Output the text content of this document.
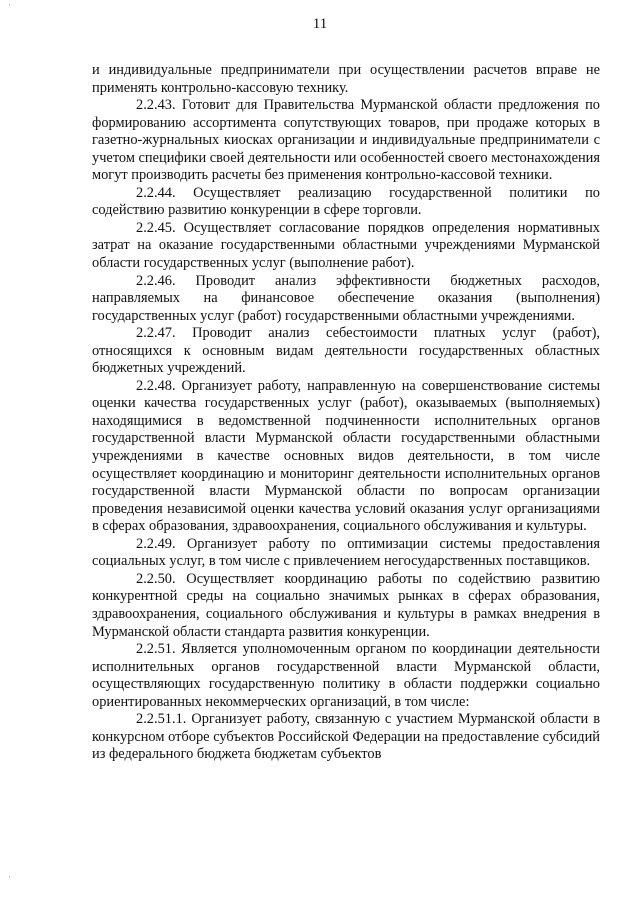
11

и индивидуальные предприниматели при осуществлении расчетов вправе не применять контрольно-кассовую технику.

2.2.43. Готовит для Правительства Мурманской области предложения по формированию ассортимента сопутствующих товаров, при продаже которых в газетно-журнальных киосках организации и индивидуальные предприниматели с учетом специфики своей деятельности или особенностей своего местонахождения могут производить расчеты без применения контрольно-кассовой техники.

2.2.44. Осуществляет реализацию государственной политики по содействию развитию конкуренции в сфере торговли.

2.2.45. Осуществляет согласование порядков определения нормативных затрат на оказание государственными областными учреждениями Мурманской области государственных услуг (выполнение работ).

2.2.46. Проводит анализ эффективности бюджетных расходов, направляемых на финансовое обеспечение оказания (выполнения) государственных услуг (работ) государственными областными учреждениями.

2.2.47. Проводит анализ себестоимости платных услуг (работ), относящихся к основным видам деятельности государственных областных бюджетных учреждений.

2.2.48. Организует работу, направленную на совершенствование системы оценки качества государственных услуг (работ), оказываемых (выполняемых) находящимися в ведомственной подчиненности исполнительных органов государственной власти Мурманской области государственными областными учреждениями в качестве основных видов деятельности, в том числе осуществляет координацию и мониторинг деятельности исполнительных органов государственной власти Мурманской области по вопросам организации проведения независимой оценки качества условий оказания услуг организациями в сферах образования, здравоохранения, социального обслуживания и культуры.

2.2.49. Организует работу по оптимизации системы предоставления социальных услуг, в том числе с привлечением негосударственных поставщиков.

2.2.50. Осуществляет координацию работы по содействию развитию конкурентной среды на социально значимых рынках в сферах образования, здравоохранения, социального обслуживания и культуры в рамках внедрения в Мурманской области стандарта развития конкуренции.

2.2.51. Является уполномоченным органом по координации деятельности исполнительных органов государственной власти Мурманской области, осуществляющих государственную политику в области поддержки социально ориентированных некоммерческих организаций, в том числе:

2.2.51.1. Организует работу, связанную с участием Мурманской области в конкурсном отборе субъектов Российской Федерации на предоставление субсидий из федерального бюджета бюджетам субъектов

·
·
